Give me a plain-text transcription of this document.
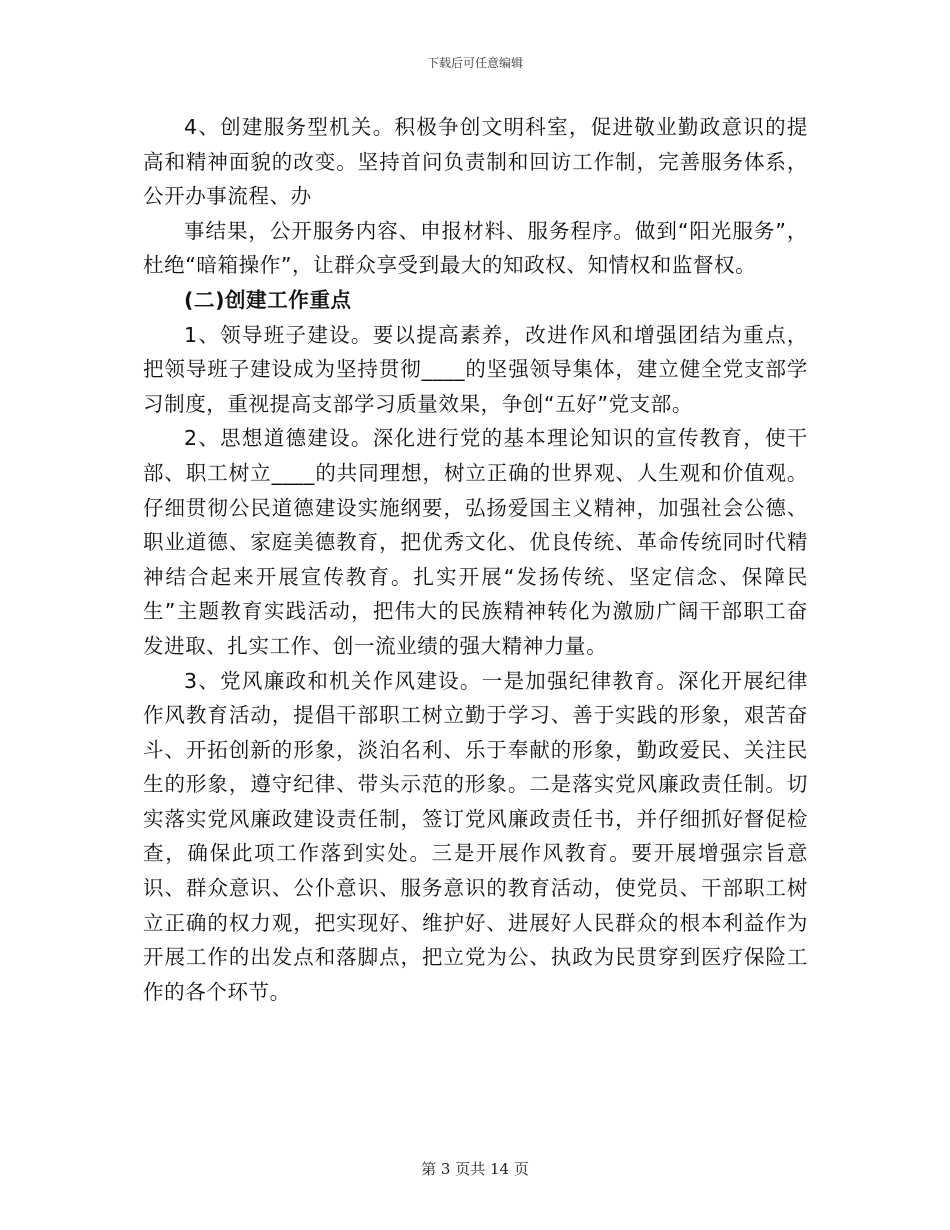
下载后可任意编辑

4、创建服务型机关。积极争创文明科室，促进敬业勤政意识的提高和精神面貌的改变。坚持首问负责制和回访工作制，完善服务体系，公开办事流程、办

事结果，公开服务内容、申报材料、服务程序。做到“阳光服务”，杜绝“暗箱操作”，让群众享受到最大的知政权、知情权和监督权。

(二)创建工作重点

1、领导班子建设。要以提高素养，改进作风和增强团结为重点，把领导班子建设成为坚持贯彻____的坚强领导集体，建立健全党支部学习制度，重视提高支部学习质量效果，争创“五好”党支部。

2、思想道德建设。深化进行党的基本理论知识的宣传教育，使干部、职工树立____的共同理想，树立正确的世界观、人生观和价值观。仔细贯彻公民道德建设实施纲要，弘扬爱国主义精神，加强社会公德、职业道德、家庭美德教育，把优秀文化、优良传统、革命传统同时代精神结合起来开展宣传教育。扎实开展“发扬传统、坚定信念、保障民生”主题教育实践活动，把伟大的民族精神转化为激励广阔干部职工奋发进取、扎实工作、创一流业绩的强大精神力量。

3、党风廉政和机关作风建设。一是加强纪律教育。深化开展纪律作风教育活动，提倡干部职工树立勤于学习、善于实践的形象，艰苦奋斗、开拓创新的形象，淡泊名利、乐于奉献的形象，勤政爱民、关注民生的形象，遵守纪律、带头示范的形象。二是落实党风廉政责任制。切实落实党风廉政建设责任制，签订党风廉政责任书，并仔细抓好督促检查，确保此项工作落到实处。三是开展作风教育。要开展增强宗旨意识、群众意识、公仆意识、服务意识的教育活动，使党员、干部职工树立正确的权力观，把实现好、维护好、进展好人民群众的根本利益作为开展工作的出发点和落脚点，把立党为公、执政为民贯穿到医疗保险工作的各个环节。

第 3 页共 14 页
